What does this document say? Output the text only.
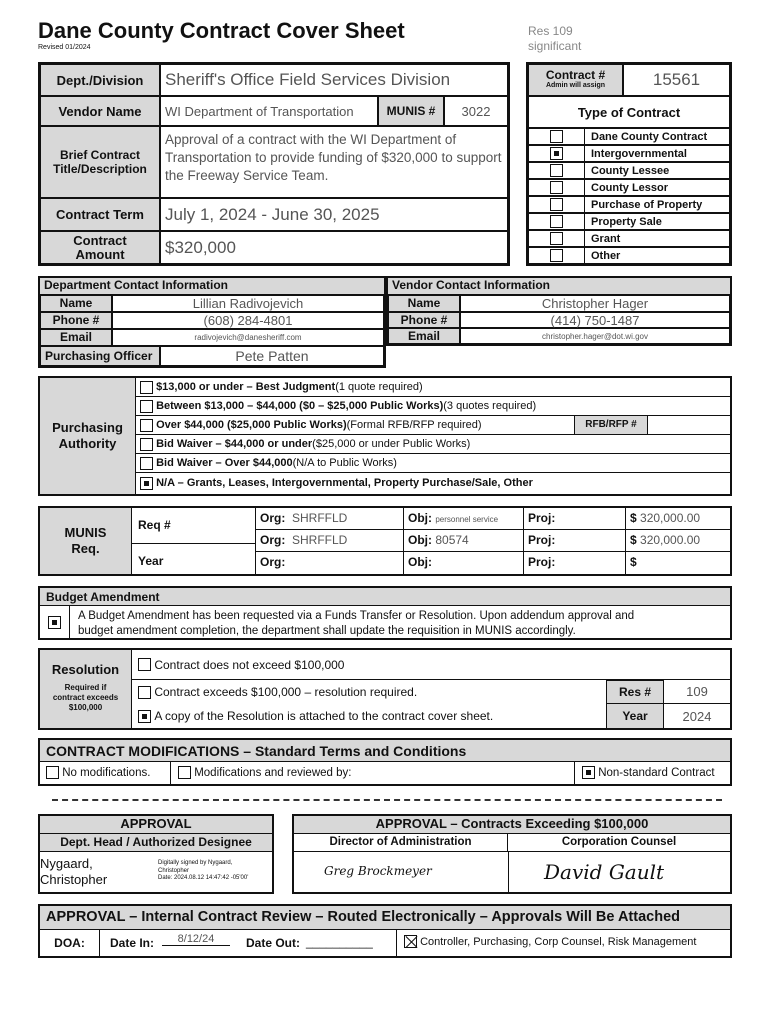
Dane County Contract Cover Sheet
Revised 01/2024
Res 109
significant
Dept./Division	Sheriff's Office Field Services Division
Vendor Name	WI Department of Transportation	MUNIS #	3022
Brief Contract Title/Description
Approval of a contract with the WI Department of Transportation to provide funding of $320,000 to support the Freeway Service Team.
Contract Term	July 1, 2024 - June 30, 2025
Contract Amount	$320,000
Contract #
Admin will assign	15561
Type of Contract
Dane County Contract
Intergovernmental
County Lessee
County Lessor
Purchase of Property
Property Sale
Grant
Other
Department Contact Information
Name	Lillian Radivojevich
Phone #	(608) 284-4801
Email	radivojevich@danesheriff.com
Purchasing Officer	Pete Patten
Vendor Contact Information
Name	Christopher Hager
Phone #	(414) 750-1487
Email	christopher.hager@dot.wi.gov
Purchasing Authority

$13,000 or under – Best Judgment (1 quote required)

Between $13,000 – $44,000 ($0 – $25,000 Public Works) (3 quotes required)

Over $44,000 ($25,000 Public Works) (Formal RFB/RFP required)	RFB/RFP #

Bid Waiver – $44,000 or under ($25,000 or under Public Works)

Bid Waiver – Over $44,000 (N/A to Public Works)

N/A – Grants, Leases, Intergovernmental, Property Purchase/Sale, Other
MUNIS Req.
Req #
Year
Org: SHRFFLD	Obj: personnel service	Proj:	$ 320,000.00
Org: SHRFFLD	Obj: 80574	Proj:	$ 320,000.00
Org:	Obj:	Proj:	$
Budget Amendment
A Budget Amendment has been requested via a Funds Transfer or Resolution. Upon addendum approval and
budget amendment completion, the department shall update the requisition in MUNIS accordingly.
Resolution
Required if
contract exceeds
$100,000

Contract does not exceed $100,000

Contract exceeds $100,000 – resolution required.

A copy of the Resolution is attached to the contract cover sheet.
Res #	109
Year	2024
CONTRACT MODIFICATIONS – Standard Terms and Conditions

No modifications.
	Modifications and reviewed by:
	Non-standard Contract
APPROVAL
Dept. Head / Authorized Designee
Nygaard,
Christopher
Digitally signed by Nygaard,
Christopher
Date: 2024.08.12 14:47:42 -05'00'
APPROVAL – Contracts Exceeding $100,000
Director of Administration	Corporation Counsel
Greg Brockmeyer	David Gault
APPROVAL – Internal Contract Review – Routed Electronically – Approvals Will Be Attached
DOA:	Date In:	8/12/24	Date Out: __________
	Controller, Purchasing, Corp Counsel, Risk Management
